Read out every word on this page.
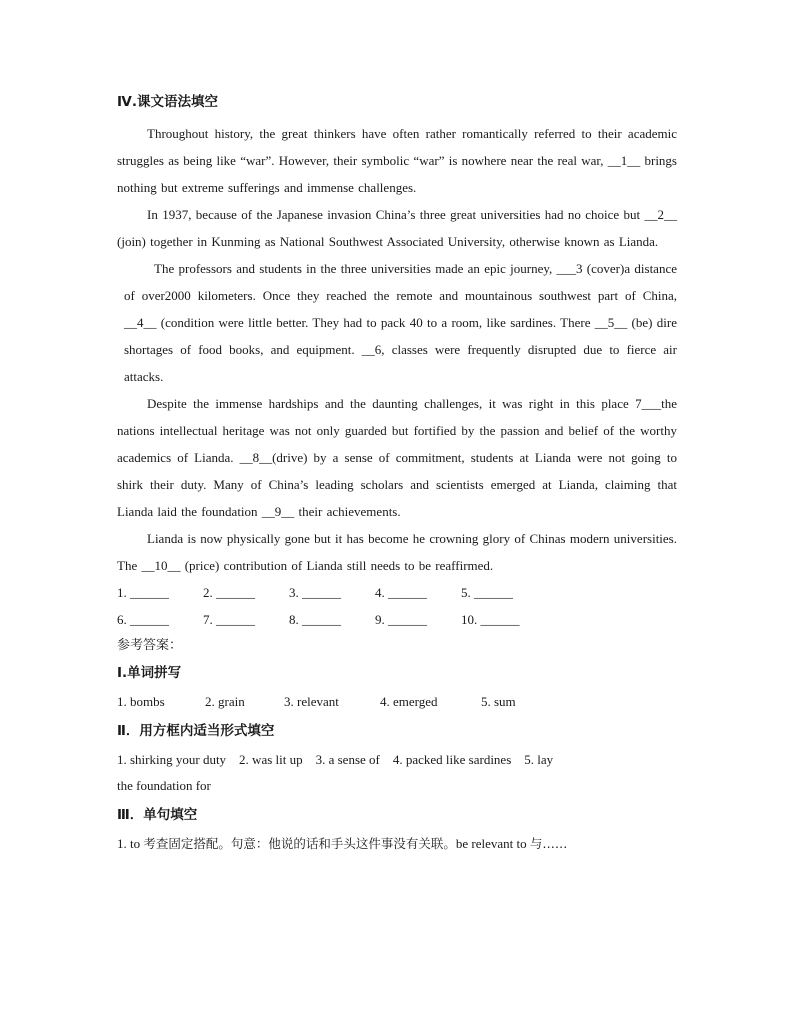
Ⅳ.课文语法填空

Throughout history, the great thinkers have often rather romantically referred to their academic struggles as being like “war”. However, their symbolic “war” is nowhere near the real war, __1__ brings nothing but extreme sufferings and immense challenges.

In 1937, because of the Japanese invasion China’s three great universities had no choice but __2__ (join) together in Kunming as National Southwest Associated University, otherwise known as Lianda.

The professors and students in the three universities made an epic journey, ___3 (cover)a distance of over2000 kilometers. Once they reached the remote and mountainous southwest part of China, __4__ (condition were little better. They had to pack 40 to a room, like sardines. There __5__ (be) dire shortages of food books, and equipment. __6, classes were frequently disrupted due to fierce air attacks.

Despite the immense hardships and the daunting challenges, it was right in this place 7___the nations intellectual heritage was not only guarded but fortified by the passion and belief of the worthy academics of Lianda. __8__(drive) by a sense of commitment, students at Lianda were not going to shirk their duty. Many of China’s leading scholars and scientists emerged at Lianda, claiming that Lianda laid the foundation __9__ their achievements.

Lianda is now physically gone but it has become he crowning glory of Chinas modern universities. The __10__ (price) contribution of Lianda still needs to be reaffirmed.

1. ______	2. ______	3. ______	4. ______	5. ______
6. ______	7. ______	8. ______	9. ______	10. ______

参考答案：

I.单词拼写

1. bombs	2. grain	3. relevant	4. emerged	5. sum

Ⅱ．用方框内适当形式填空

1. shirking your duty    2. was lit up    3. a sense of    4. packed like sardines    5. lay

the foundation for

Ⅲ．单句填空

1. to 考查固定搭配。句意：他说的话和手头这件事没有关联。be relevant to 与……
